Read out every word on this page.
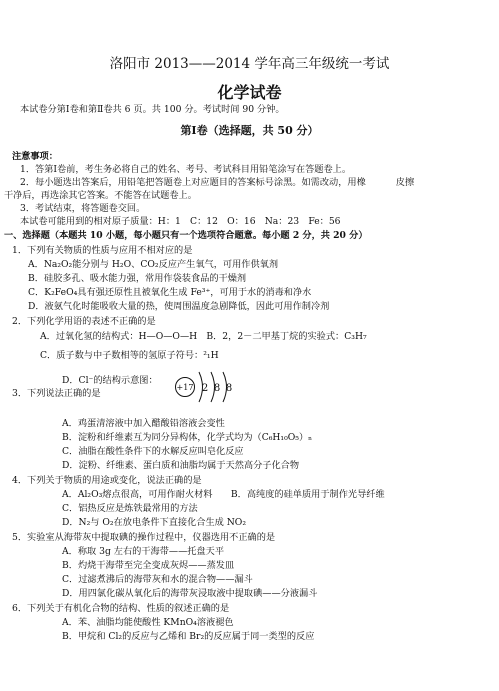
洛阳市 2013——2014 学年高三年级统一考试
化学试卷
本试卷分第Ⅰ卷和第Ⅱ卷共 6 页。共 100 分。考试时间 90 分钟。
第Ⅰ卷（选择题，共 50 分）
注意事项：
1．答第Ⅰ卷前，考生务必将自己的姓名、考号、考试科目用铅笔涂写在答题卷上。
2．每小题选出答案后，用铅笔把答题卷上对应题目的答案标号涂黑。如需改动，用橡	皮擦
干净后，再选涂其它答案。不能答在试题卷上。
3．考试结束，将答题卷交回。
本试卷可能用到的相对原子质量：H：1　C：12　O：16　Na：23　Fe：56
一、选择题（本题共 10 小题，每小题只有一个选项符合题意。每小题 2 分，共 20 分）
1．下列有关物质的性质与应用不相对应的是
A．Na₂O₂能分别与 H₂O、CO₂反应产生氧气，可用作供氧剂
B．硅胶多孔、吸水能力强，常用作袋装食品的干燥剂
C．K₂FeO₄具有强还原性且被氧化生成 Fe³⁺，可用于水的消毒和净水
D．液氨气化时能吸收大量的热，使周围温度急剧降低，因此可用作制冷剂
2．下列化学用语的表述不正确的是
A．过氧化氢的结构式：H—O—O—H　B．2，2－二甲基丁烷的实验式：C₃H₇
C．质子数与中子数相等的氢原子符号：²₁H
D．Cl⁻的结构示意图：
+17 2 8 8
3．下列说法正确的是
A．鸡蛋清溶液中加入醋酸铅溶液会变性
B．淀粉和纤维素互为同分异构体，化学式均为（C₆H₁₀O₅）ₙ
C．油脂在酸性条件下的水解反应叫皂化反应
D．淀粉、纤维素、蛋白质和油脂均属于天然高分子化合物
4．下列关于物质的用途或变化，说法正确的是
A．Al₂O₃熔点很高，可用作耐火材料　　B．高纯度的硅单质用于制作光导纤维
C．铝热反应是炼铁最常用的方法
D．N₂与 O₂在放电条件下直接化合生成 NO₂
5．实验室从海带灰中提取碘的操作过程中，仪器选用不正确的是
A．称取 3g 左右的干海带——托盘天平
B．灼烧干海带至完全变成灰烬——蒸发皿
C．过滤煮沸后的海带灰和水的混合物——漏斗
D．用四氯化碳从氧化后的海带灰浸取液中提取碘——分液漏斗
6．下列关于有机化合物的结构、性质的叙述正确的是
A．苯、油脂均能使酸性 KMnO₄溶液褪色
B．甲烷和 Cl₂的反应与乙烯和 Br₂的反应属于同一类型的反应
